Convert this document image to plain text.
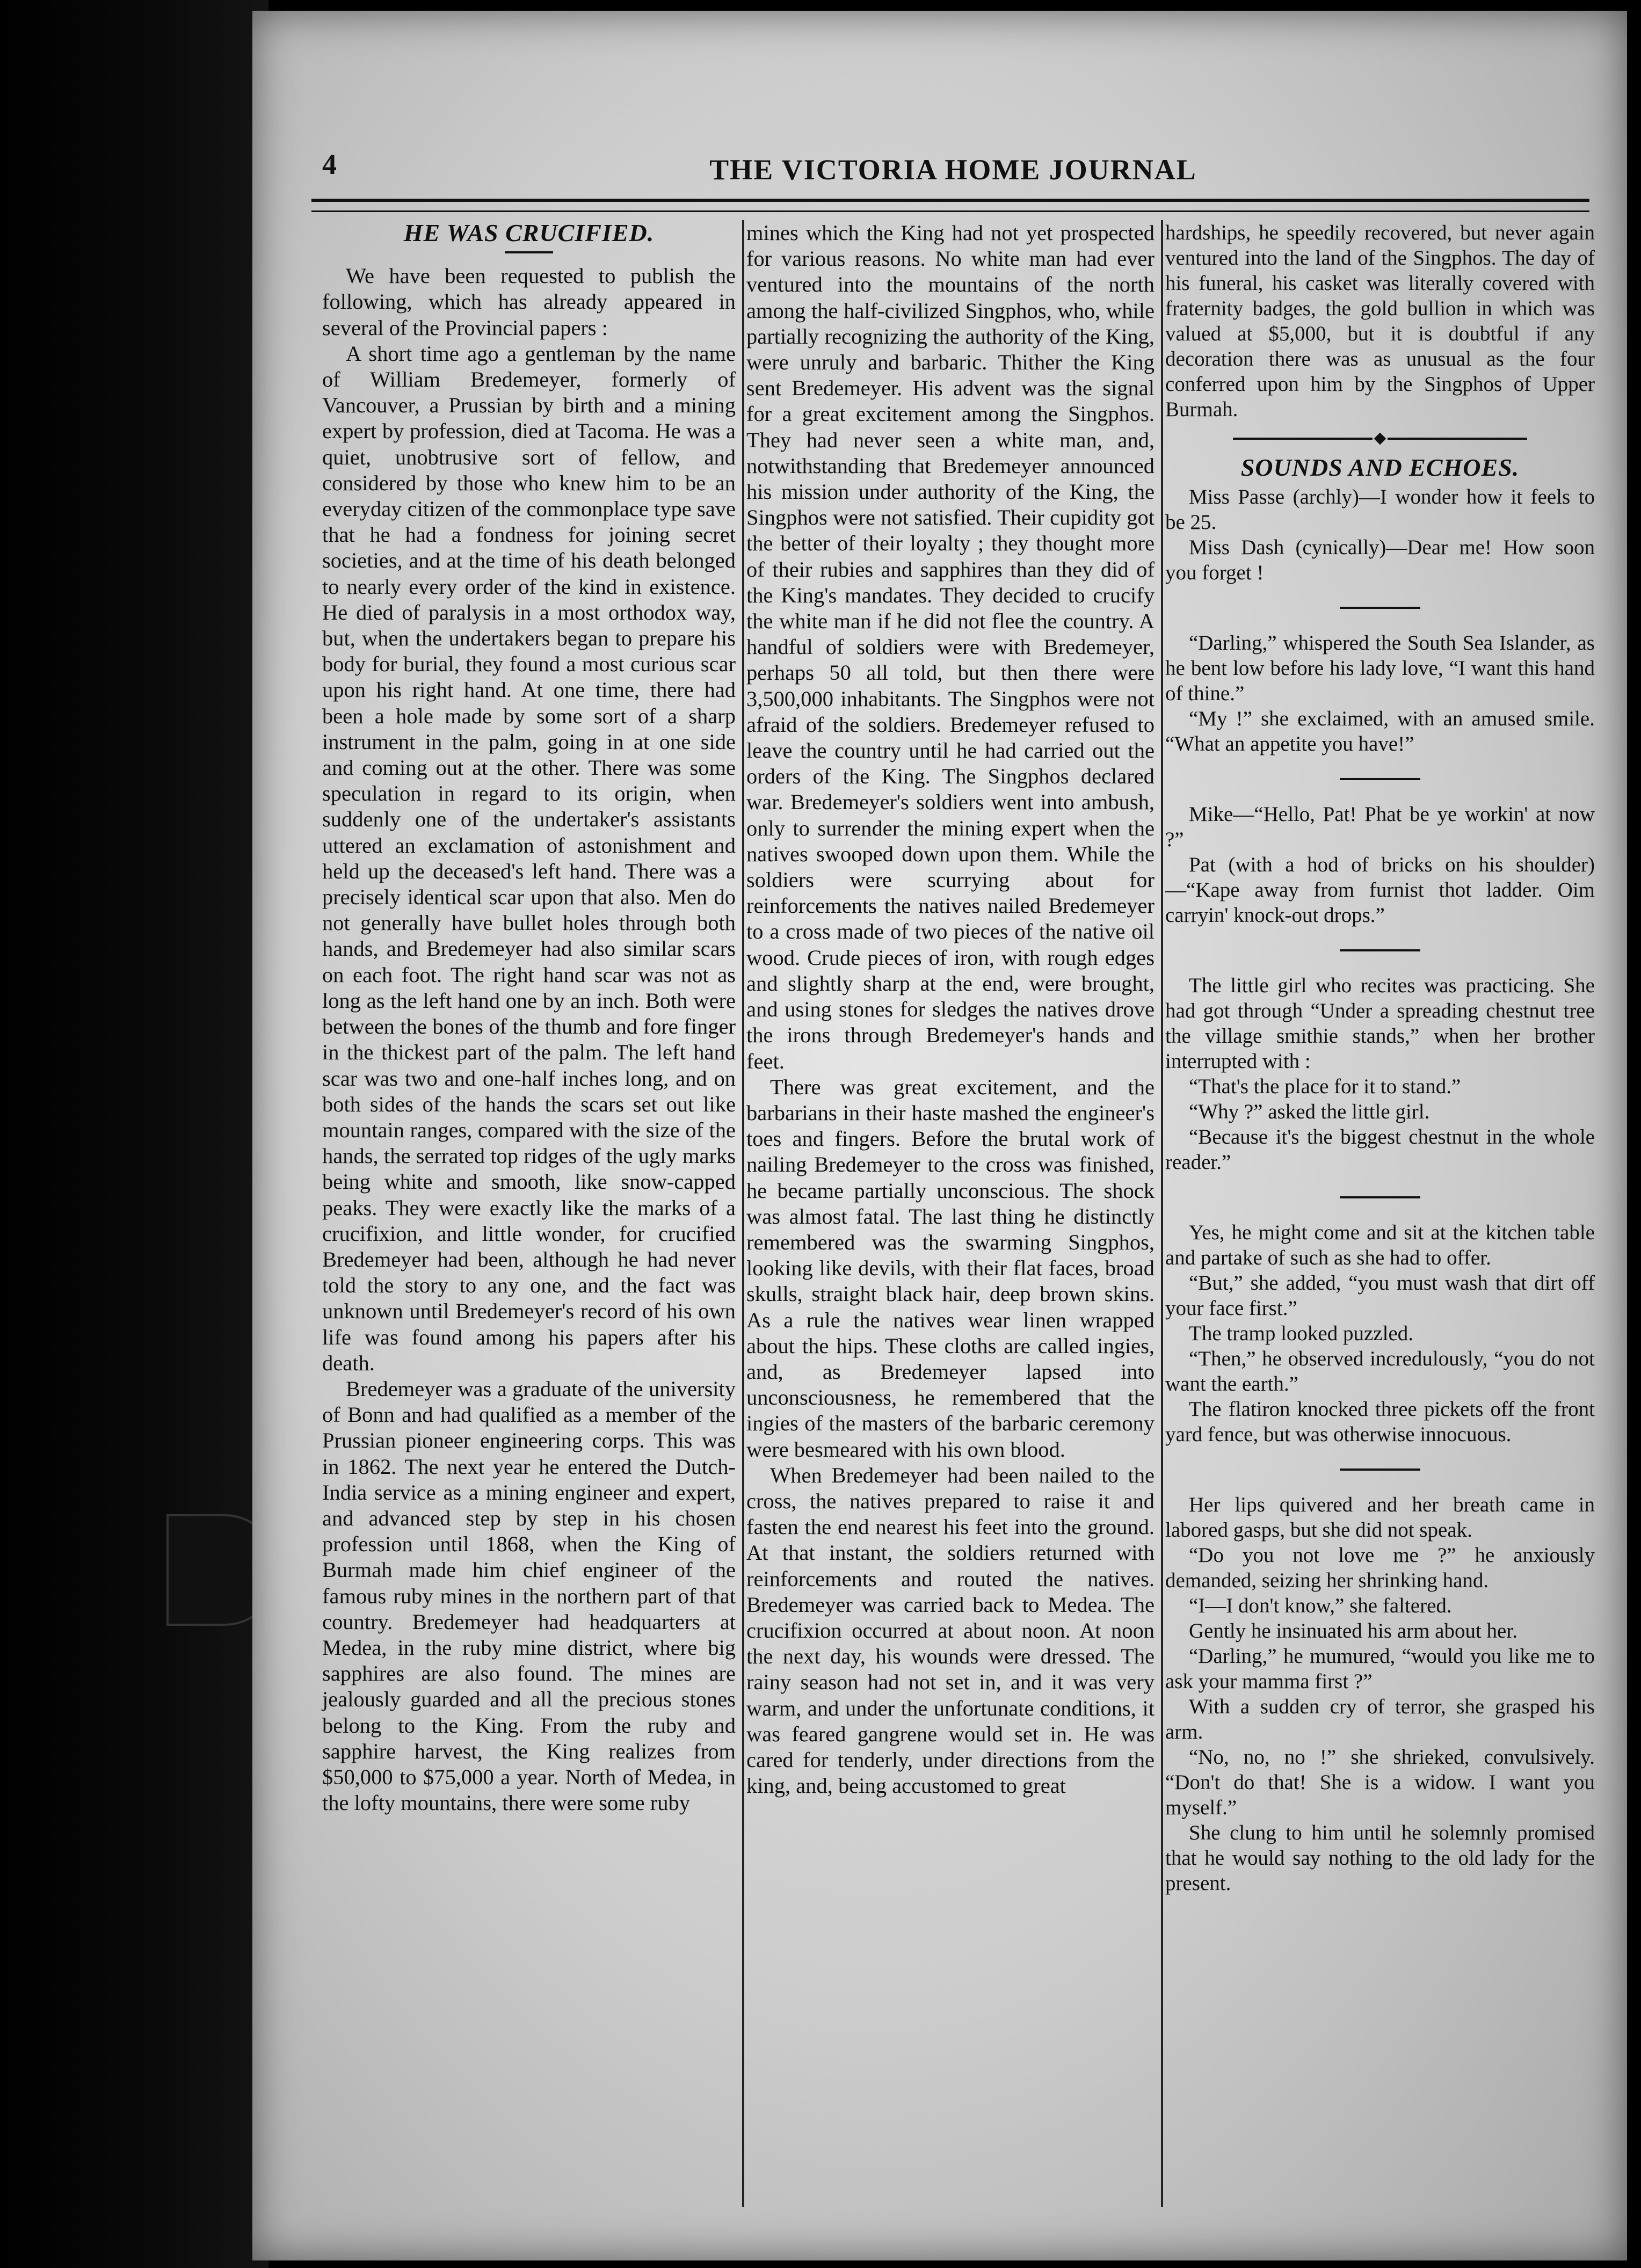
4	THE VICTORIA HOME JOURNAL
HE WAS CRUCIFIED.

We have been requested to publish the following, which has already appeared in several of the Provincial papers :

A short time ago a gentleman by the name of William Bredemeyer, formerly of Vancouver, a Prussian by birth and a mining expert by profession, died at Tacoma. He was a quiet, unobtrusive sort of fellow, and considered by those who knew him to be an everyday citizen of the commonplace type save that he had a fondness for joining secret societies, and at the time of his death belonged to nearly every order of the kind in existence. He died of paralysis in a most orthodox way, but, when the undertakers began to prepare his body for burial, they found a most curious scar upon his right hand. At one time, there had been a hole made by some sort of a sharp instrument in the palm, going in at one side and coming out at the other. There was some speculation in regard to its origin, when suddenly one of the undertaker's assistants uttered an exclamation of astonishment and held up the deceased's left hand. There was a precisely identical scar upon that also. Men do not generally have bullet holes through both hands, and Bredemeyer had also similar scars on each foot. The right hand scar was not as long as the left hand one by an inch. Both were between the bones of the thumb and fore finger in the thickest part of the palm. The left hand scar was two and one-half inches long, and on both sides of the hands the scars set out like mountain ranges, compared with the size of the hands, the serrated top ridges of the ugly marks being white and smooth, like snow-capped peaks. They were exactly like the marks of a crucifixion, and little wonder, for crucified Bredemeyer had been, although he had never told the story to any one, and the fact was unknown until Bredemeyer's record of his own life was found among his papers after his death.

Bredemeyer was a graduate of the university of Bonn and had qualified as a member of the Prussian pioneer engineering corps. This was in 1862. The next year he entered the Dutch-India service as a mining engineer and expert, and advanced step by step in his chosen profession until 1868, when the King of Burmah made him chief engineer of the famous ruby mines in the northern part of that country. Bredemeyer had headquarters at Medea, in the ruby mine district, where big sapphires are also found. The mines are jealously guarded and all the precious stones belong to the King. From the ruby and sapphire harvest, the King realizes from $50,000 to $75,000 a year. North of Medea, in the lofty mountains, there were some ruby

mines which the King had not yet prospected for various reasons. No white man had ever ventured into the mountains of the north among the half-civilized Singphos, who, while partially recognizing the authority of the King, were unruly and barbaric. Thither the King sent Bredemeyer. His advent was the signal for a great excitement among the Singphos. They had never seen a white man, and, notwithstanding that Bredemeyer announced his mission under authority of the King, the Singphos were not satisfied. Their cupidity got the better of their loyalty ; they thought more of their rubies and sapphires than they did of the King's mandates. They decided to crucify the white man if he did not flee the country. A handful of soldiers were with Bredemeyer, perhaps 50 all told, but then there were 3,500,000 inhabitants. The Singphos were not afraid of the soldiers. Bredemeyer refused to leave the country until he had carried out the orders of the King. The Singphos declared war. Bredemeyer's soldiers went into ambush, only to surrender the mining expert when the natives swooped down upon them. While the soldiers were scurrying about for reinforcements the natives nailed Bredemeyer to a cross made of two pieces of the native oil wood. Crude pieces of iron, with rough edges and slightly sharp at the end, were brought, and using stones for sledges the natives drove the irons through Bredemeyer's hands and feet.

There was great excitement, and the barbarians in their haste mashed the engineer's toes and fingers. Before the brutal work of nailing Bredemeyer to the cross was finished, he became partially unconscious. The shock was almost fatal. The last thing he distinctly remembered was the swarming Singphos, looking like devils, with their flat faces, broad skulls, straight black hair, deep brown skins. As a rule the natives wear linen wrapped about the hips. These cloths are called ingies, and, as Bredemeyer lapsed into unconsciousness, he remembered that the ingies of the masters of the barbaric ceremony were besmeared with his own blood.

When Bredemeyer had been nailed to the cross, the natives prepared to raise it and fasten the end nearest his feet into the ground. At that instant, the soldiers returned with reinforcements and routed the natives. Bredemeyer was carried back to Medea. The crucifixion occurred at about noon. At noon the next day, his wounds were dressed. The rainy season had not set in, and it was very warm, and under the unfortunate conditions, it was feared gangrene would set in. He was cared for tenderly, under directions from the king, and, being accustomed to great

hardships, he speedily recovered, but never again ventured into the land of the Singphos. The day of his funeral, his casket was literally covered with fraternity badges, the gold bullion in which was valued at $5,000, but it is doubtful if any decoration there was as unusual as the four conferred upon him by the Singphos of Upper Burmah.

SOUNDS AND ECHOES.

Miss Passe (archly)—I wonder how it feels to be 25.

Miss Dash (cynically)—Dear me! How soon you forget !

“Darling,” whispered the South Sea Islander, as he bent low before his lady love, “I want this hand of thine.”

“My !” she exclaimed, with an amused smile. “What an appetite you have!”

Mike—“Hello, Pat! Phat be ye workin' at now ?”

Pat (with a hod of bricks on his shoulder)—“Kape away from furnist thot ladder. Oim carryin' knock-out drops.”

The little girl who recites was practicing. She had got through “Under a spreading chestnut tree the village smithie stands,” when her brother interrupted with :

“That's the place for it to stand.”

“Why ?” asked the little girl.

“Because it's the biggest chestnut in the whole reader.”

Yes, he might come and sit at the kitchen table and partake of such as she had to offer.

“But,” she added, “you must wash that dirt off your face first.”

The tramp looked puzzled.

“Then,” he observed incredulously, “you do not want the earth.”

The flatiron knocked three pickets off the front yard fence, but was otherwise innocuous.

Her lips quivered and her breath came in labored gasps, but she did not speak.

“Do you not love me ?” he anxiously demanded, seizing her shrinking hand.

“I—I don't know,” she faltered.

Gently he insinuated his arm about her.

“Darling,” he mumured, “would you like me to ask your mamma first ?”

With a sudden cry of terror, she grasped his arm.

“No, no, no !” she shrieked, convulsively. “Don't do that! She is a widow. I want you myself.”

She clung to him until he solemnly promised that he would say nothing to the old lady for the present.
